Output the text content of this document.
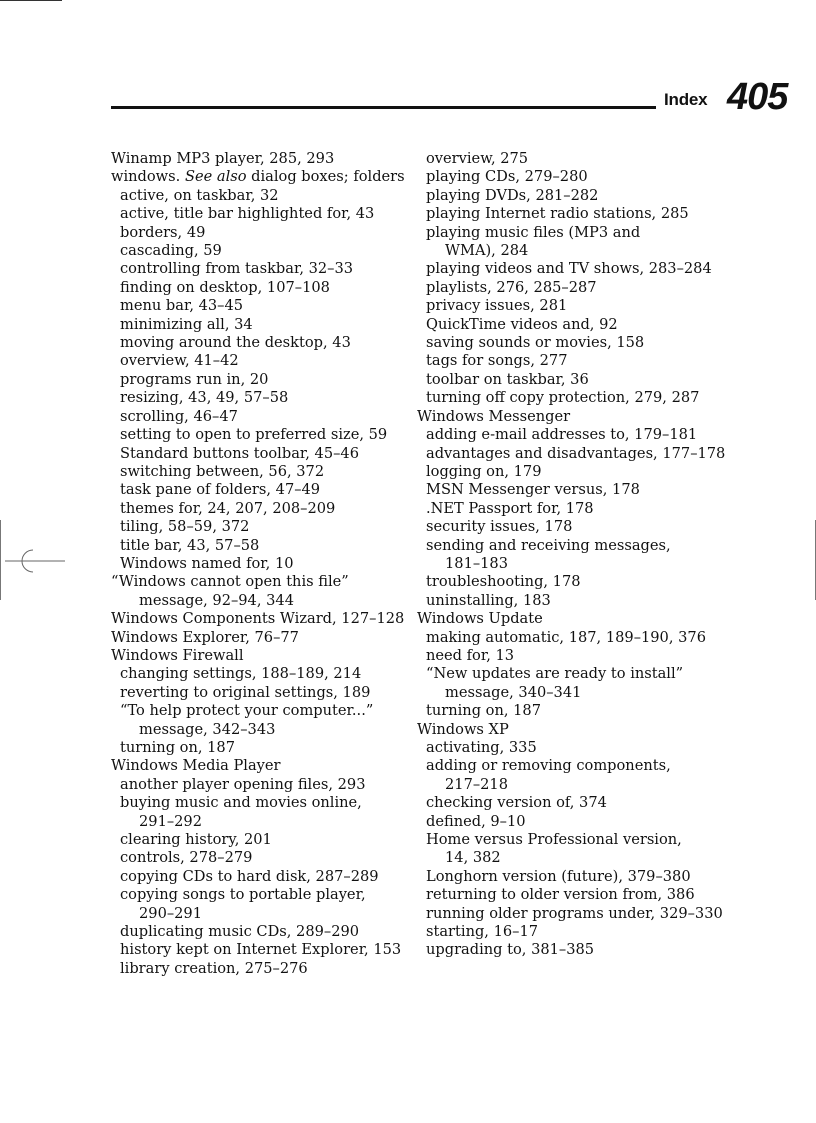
Index 405
Winamp MP3 player, 285, 293
windows. See also dialog boxes; folders
active, on taskbar, 32
active, title bar highlighted for, 43
borders, 49
cascading, 59
controlling from taskbar, 32–33
finding on desktop, 107–108
menu bar, 43–45
minimizing all, 34
moving around the desktop, 43
overview, 41–42
programs run in, 20
resizing, 43, 49, 57–58
scrolling, 46–47
setting to open to preferred size, 59
Standard buttons toolbar, 45–46
switching between, 56, 372
task pane of folders, 47–49
themes for, 24, 207, 208–209
tiling, 58–59, 372
title bar, 43, 57–58
Windows named for, 10
“Windows cannot open this file”
message, 92–94, 344
Windows Components Wizard, 127–128
Windows Explorer, 76–77
Windows Firewall
changing settings, 188–189, 214
reverting to original settings, 189
“To help protect your computer...”
message, 342–343
turning on, 187
Windows Media Player
another player opening files, 293
buying music and movies online,
291–292
clearing history, 201
controls, 278–279
copying CDs to hard disk, 287–289
copying songs to portable player,
290–291
duplicating music CDs, 289–290
history kept on Internet Explorer, 153
library creation, 275–276
overview, 275
playing CDs, 279–280
playing DVDs, 281–282
playing Internet radio stations, 285
playing music files (MP3 and
WMA), 284
playing videos and TV shows, 283–284
playlists, 276, 285–287
privacy issues, 281
QuickTime videos and, 92
saving sounds or movies, 158
tags for songs, 277
toolbar on taskbar, 36
turning off copy protection, 279, 287
Windows Messenger
adding e-mail addresses to, 179–181
advantages and disadvantages, 177–178
logging on, 179
MSN Messenger versus, 178
.NET Passport for, 178
security issues, 178
sending and receiving messages,
181–183
troubleshooting, 178
uninstalling, 183
Windows Update
making automatic, 187, 189–190, 376
need for, 13
“New updates are ready to install”
message, 340–341
turning on, 187
Windows XP
activating, 335
adding or removing components,
217–218
checking version of, 374
defined, 9–10
Home versus Professional version,
14, 382
Longhorn version (future), 379–380
returning to older version from, 386
running older programs under, 329–330
starting, 16–17
upgrading to, 381–385
